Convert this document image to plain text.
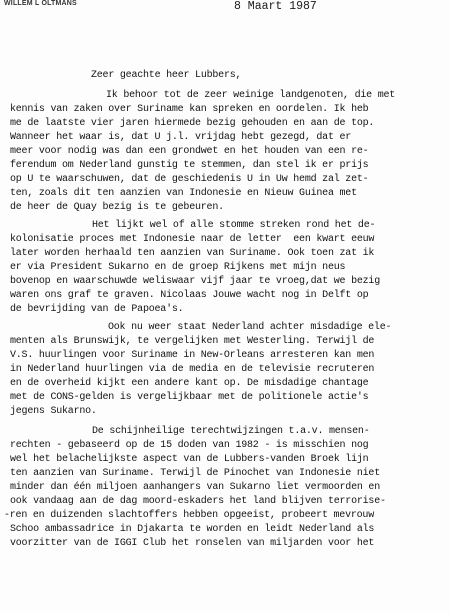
WILLEM L OLTMANS	8 Maart 1987
Zeer geachte heer Lubbers,
Ik behoor tot de zeer weinige landgenoten, die met
kennis van zaken over Suriname kan spreken en oordelen. Ik heb
me de laatste vier jaren hiermede bezig gehouden en aan de top.
Wanneer het waar is, dat U j.l. vrijdag hebt gezegd, dat er
meer voor nodig was dan een grondwet en het houden van een re-
ferendum om Nederland gunstig te stemmen, dan stel ik er prijs
op U te waarschuwen, dat de geschiedenis U in Uw hemd zal zet-
ten, zoals dit ten aanzien van Indonesie en Nieuw Guinea met
de heer de Quay bezig is te gebeuren.
Het lijkt wel of alle stomme streken rond het de-
kolonisatie proces met Indonesie naar de letter  een kwart eeuw
later worden herhaald ten aanzien van Suriname. Ook toen zat ik
er via President Sukarno en de groep Rijkens met mijn neus
bovenop en waarschuwde weliswaar vijf jaar te vroeg,dat we bezig
waren ons graf te graven. Nicolaas Jouwe wacht nog in Delft op
de bevrijding van de Papoea's.
Ook nu weer staat Nederland achter misdadige ele-
menten als Brunswijk, te vergelijken met Westerling. Terwijl de
V.S. huurlingen voor Suriname in New-Orleans arresteren kan men
in Nederland huurlingen via de media en de televisie recruteren
en de overheid kijkt een andere kant op. De misdadige chantage
met de CONS-gelden is vergelijkbaar met de politionele actie's
jegens Sukarno.
De schijnheilige terechtwijzingen t.a.v. mensen-
rechten - gebaseerd op de 15 doden van 1982 - is misschien nog
wel het belachelijkste aspect van de Lubbers-vanden Broek lijn
ten aanzien van Suriname. Terwijl de Pinochet van Indonesie niet
minder dan één miljoen aanhangers van Sukarno liet vermoorden en
ook vandaag aan de dag moord-eskaders het land blijven terrorise-
-ren en duizenden slachtoffers hebben opgeeist, probeert mevrouw
Schoo ambassadrice in Djakarta te worden en leidt Nederland als
voorzitter van de IGGI Club het ronselen van miljarden voor het
